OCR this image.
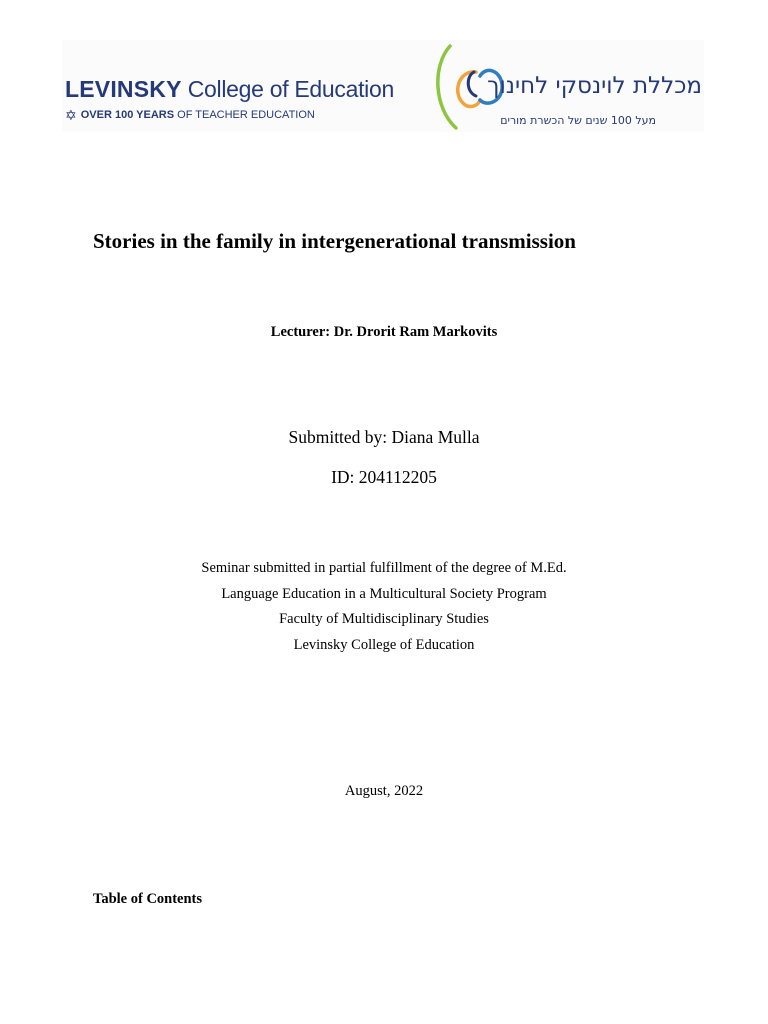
LEVINSKY College of Education
✡ OVER 100 YEARS OF TEACHER EDUCATION
מכללת לוינסקי לחינוך
מעל 100 שנים של הכשרת מורים
Stories in the family in intergenerational transmission
Lecturer: Dr. Drorit Ram Markovits
Submitted by: Diana Mulla
ID: 204112205
Seminar submitted in partial fulfillment of the degree of M.Ed.
Language Education in a Multicultural Society Program
Faculty of Multidisciplinary Studies
Levinsky College of Education
August, 2022
Table of Contents
